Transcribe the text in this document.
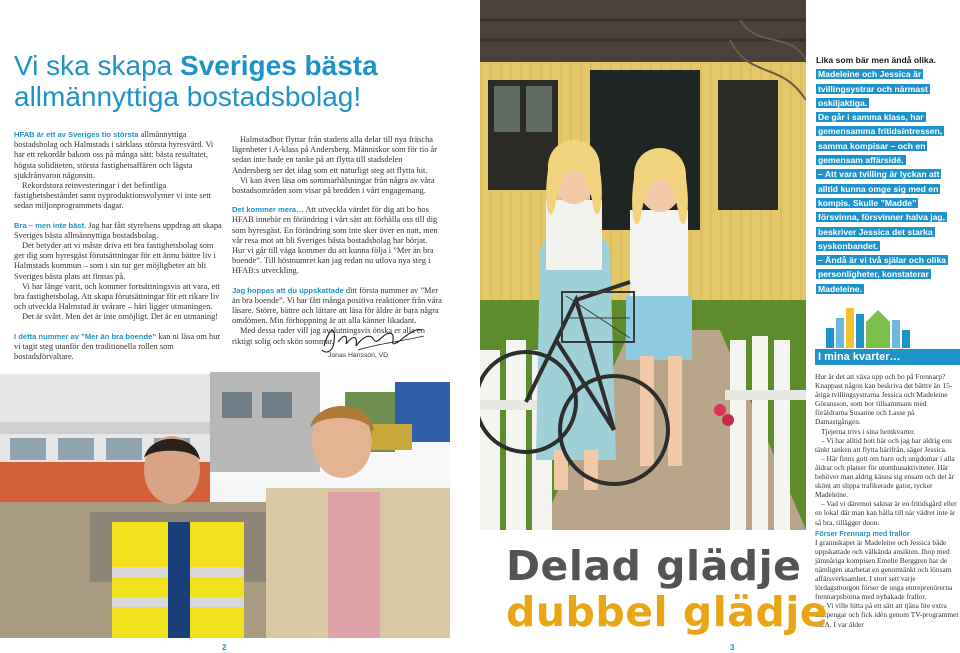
Vi ska skapa Sveriges bästa
allmännyttiga bostadsbolag!

HFAB är ett av Sveriges tio största allmännyttiga bostadsbolag och Halmstads i särklass största hyresvärd. Vi har ett rekordår bakom oss på många sätt: bästa resultatet, högsta soliditeten, största fastighetsaffären och lägsta sjukfrånvaron någonsin.

Rekordstora reinvesteringar i det befintliga fastighetsbeståndet samt nyproduktionsvolymer vi inte sett sedan miljonprogrammets dagar.

Bra – men inte bäst. Jag har fått styrelsens uppdrag att skapa Sveriges bästa allmännyttiga bostadsbolag.

Det betyder att vi måste driva ett bra fastighetsbolag som ger dig som hyresgäst förutsättningar för ett ännu bättre liv i Halmstads kommun – som i sin tur ger möjligheter att bli Sveriges bästa plats att finnas på.

Vi har länge varit, och kommer fortsättningsvis att vara, ett bra fastighetsbolag. Att skapa förutsättningar för ett rikare liv och utveckla Halmstad är svårare – häri ligger utmaningen.

Det är svårt. Men det är inte omöjligt. Det är en utmaning!

I detta nummer av ”Mer än bra boende” kan ni läsa om hur vi tagit steg utanför den traditionella rollen som bostadsförvaltare.

Halmstadbor flyttar från stadens alla delar till nya fräscha lägenheter i A-klass på Andersberg. Människor som för tio år sedan inte hade en tanke på att flytta till stadsdelen Andersberg ser det idag som ett naturligt steg att flytta hit.

Vi kan även läsa om sommarhälsningar från några av våra bostadsområden som visar på bredden i vårt engagemang.

Det kommer mera… Att utveckla värdet för dig att bo hos HFAB innebär en förändring i vårt sätt att förhålla oss till dig som hyresgäst. En förändring som inte sker över en natt, men vår resa mot att bli Sveriges bästa bostadsbolag har börjat. Hur vi går till väga kommer du att kunna följa i ”Mer än bra boende”. Till höstnumret kan jag redan nu utlova nya steg i HFAB:s utveckling.

Jag hoppas att du uppskattade ditt första nummer av ”Mer än bra boende”. Vi har fått många positiva reaktioner från våra läsare. Större, bättre och lättare att läsa för äldre är bara några omdömen. Min förhoppning är att alla känner likadant.

Med dessa rader vill jag avslutningsvis önska er alla en riktigt solig och skön sommar.

Jonas Hansson, VD
2

Lika som bär men ändå olika.

Madeleine och Jessica är tvillingsystrar och närmast oskiljaktiga.

De går i samma klass, har gemensamma fritidsintressen, samma kompisar – och en gemensam affärsidé.

– Att vara tvilling är lyckan att alltid kunna omge sig med en kompis. Skulle ”Madde” försvinna, försvinner halva jag, beskriver Jessica det starka syskonbandet.

– Ändå är vi två själar och olika personligheter, konstaterar Madeleine.

I mina kvarter…

Hur är det att växa upp och bo på Frennarp? Knappast någon kan beskriva det bättre än 15-åriga tvillingsystrarna Jessica och Madeleine Göransson, som bor tillsammans med föräldrarna Susanne och Lasse på Damastgången.

Tjejerna trivs i sina hemkvarter.

– Vi har alltid bott här och jag har aldrig ens tänkt tanken att flytta härifrån, säger Jessica.

– Här finns gott om barn och ungdomar i alla åldrar och platser för utomhusaktiviteter. Här behöver man aldrig känna sig ensam och det är skönt att slippa trafikerade gator, tycker Madeleine.

– Vad vi däremot saknar är en fritidsgård eller en lokal där man kan hålla till när vädret inte är så bra, tillägger duon.

Förser Frennarp med frallor

I grannskapet är Madeleine och Jessica både uppskattade och välkända ansikten. Ihop med jämnåriga kompisen Emelie Berggren har de nämligen utarbetat en genomtänkt och lönsam affärsverksamhet. I stort sett varje lördagsmorgon förser de unga entreprenörerna frennarpsborna med nybakade frallor.

– Vi ville hitta på ett sätt att tjäna lite extra fickpengar och fick idén genom TV-programmet REA. I var älder

Delad glädje
dubbel glädje
3
